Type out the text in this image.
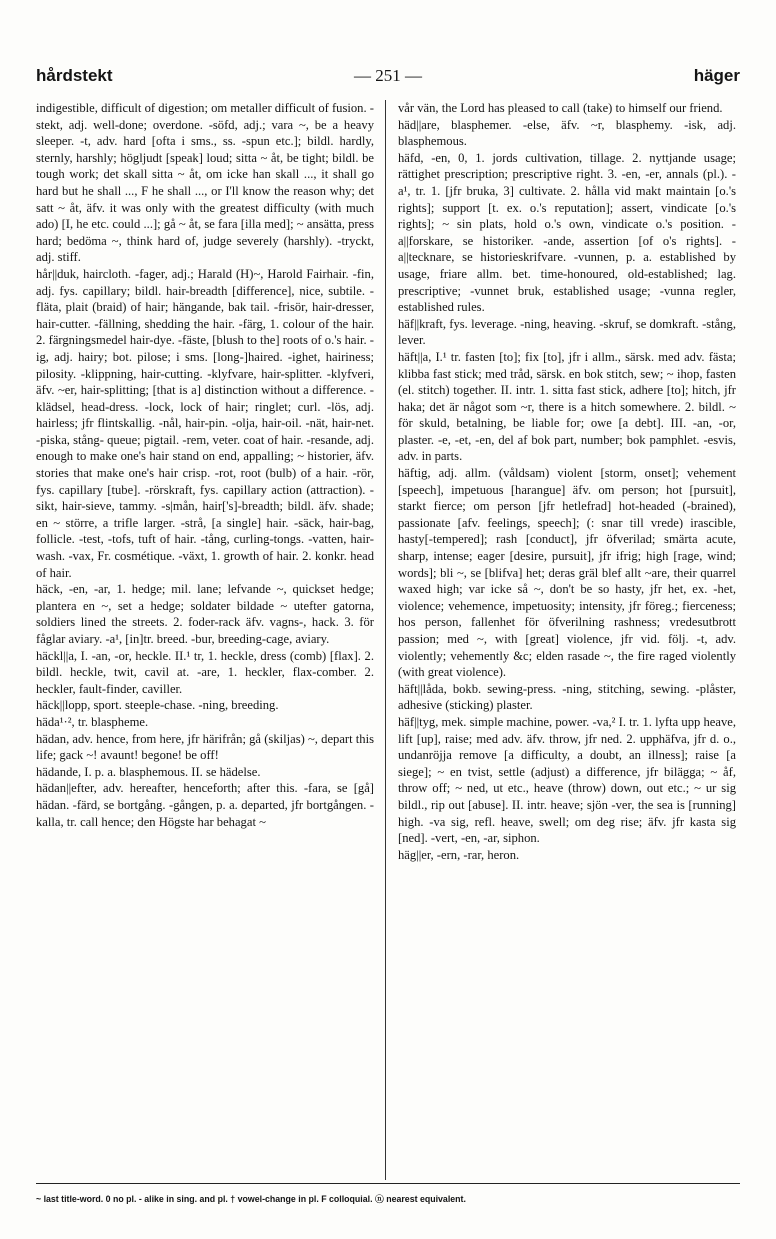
hårdstekt	— 251 —	häger

indigestible, difficult of digestion; om metaller difficult of fusion. -stekt, adj. well-done; overdone. -söfd, adj.; vara ~, be a heavy sleeper. -t, adv. hard [ofta i sms., ss. -spun etc.]; bildl. hardly, sternly, harshly; högljudt [speak] loud; sitta ~ åt, be tight; bildl. be tough work; det skall sitta ~ åt, om icke han skall ..., it shall go hard but he shall ..., F he shall ..., or I'll know the reason why; det satt ~ åt, äfv. it was only with the greatest difficulty (with much ado) [I, he etc. could ...]; gå ~ åt, se fara [illa med]; ~ ansätta, press hard; bedöma ~, think hard of, judge severely (harshly). -tryckt, adj. stiff.

hår||duk, haircloth. -fager, adj.; Harald (H)~, Harold Fairhair. -fin, adj. fys. capillary; bildl. hair-breadth [difference], nice, subtile. -fläta, plait (braid) of hair; hängande, bak tail. -frisör, hair-dresser, hair-cutter. -fällning, shedding the hair. -färg, 1. colour of the hair. 2. färgningsmedel hair-dye. -fäste, [blush to the] roots of o.'s hair. -ig, adj. hairy; bot. pilose; i sms. [long-]haired. -ighet, hairiness; pilosity. -klippning, hair-cutting. -klyfvare, hair-splitter. -klyfveri, äfv. ~er, hair-splitting; [that is a] distinction without a difference. -klädsel, head-dress. -lock, lock of hair; ringlet; curl. -lös, adj. hairless; jfr flintskallig. -nål, hair-pin. -olja, hair-oil. -nät, hair-net. -piska, stång- queue; pigtail. -rem, veter. coat of hair. -resande, adj. enough to make one's hair stand on end, appalling; ~ historier, äfv. stories that make one's hair crisp. -rot, root (bulb) of a hair. -rör, fys. capillary [tube]. -rörskraft, fys. capillary action (attraction). -sikt, hair-sieve, tammy. -s|mån, hair['s]-breadth; bildl. äfv. shade; en ~ större, a trifle larger. -strå, [a single] hair. -säck, hair-bag, follicle. -test, -tofs, tuft of hair. -tång, curling-tongs. -vatten, hair-wash. -vax, Fr. cosmétique. -växt, 1. growth of hair. 2. konkr. head of hair.

häck, -en, -ar, 1. hedge; mil. lane; lefvande ~, quickset hedge; plantera en ~, set a hedge; soldater bildade ~ utefter gatorna, soldiers lined the streets. 2. foder-rack äfv. vagns-, hack. 3. för fåglar aviary. -a¹, [in]tr. breed. -bur, breeding-cage, aviary.

häckl||a, I. -an, -or, heckle. II.¹ tr, 1. heckle, dress (comb) [flax]. 2. bildl. heckle, twit, cavil at. -are, 1. heckler, flax-comber. 2. heckler, fault-finder, caviller.

häck||lopp, sport. steeple-chase. -ning, breeding.

häda¹·², tr. blaspheme.

hädan, adv. hence, from here, jfr härifrån; gå (skiljas) ~, depart this life; gack ~! avaunt! begone! be off!

hädande, I. p. a. blasphemous. II. se hädelse.

hädan||efter, adv. hereafter, henceforth; after this. -fara, se [gå] hädan. -färd, se bortgång. -gången, p. a. departed, jfr bortgången. -kalla, tr. call hence; den Högste har behagat ~

vår vän, the Lord has pleased to call (take) to himself our friend.

häd||are, blasphemer. -else, äfv. ~r, blasphemy. -isk, adj. blasphemous.

häfd, -en, 0, 1. jords cultivation, tillage. 2. nyttjande usage; rättighet prescription; prescriptive right. 3. -en, -er, annals (pl.). -a¹, tr. 1. [jfr bruka, 3] cultivate. 2. hålla vid makt maintain [o.'s rights]; support [t. ex. o.'s reputation]; assert, vindicate [o.'s rights]; ~ sin plats, hold o.'s own, vindicate o.'s position. -a||forskare, se historiker. -ande, assertion [of o's rights]. -a||tecknare, se historieskrifvare. -vunnen, p. a. established by usage, friare allm. bet. time-honoured, old-established; lag. prescriptive; -vunnet bruk, established usage; -vunna regler, established rules.

häf||kraft, fys. leverage. -ning, heaving. -skruf, se domkraft. -stång, lever.

häft||a, I.¹ tr. fasten [to]; fix [to], jfr i allm., särsk. med adv. fästa; klibba fast stick; med tråd, särsk. en bok stitch, sew; ~ ihop, fasten (el. stitch) together. II. intr. 1. sitta fast stick, adhere [to]; hitch, jfr haka; det är något som ~r, there is a hitch somewhere. 2. bildl. ~ för skuld, betalning, be liable for; owe [a debt]. III. -an, -or, plaster. -e, -et, -en, del af bok part, number; bok pamphlet. -esvis, adv. in parts.

häftig, adj. allm. (våldsam) violent [storm, onset]; vehement [speech], impetuous [harangue] äfv. om person; hot [pursuit], starkt fierce; om person [jfr hetlefrad] hot-headed (-brained), passionate [afv. feelings, speech]; (: snar till vrede) irascible, hasty[-tempered]; rash [conduct], jfr öfverilad; smärta acute, sharp, intense; eager [desire, pursuit], jfr ifrig; high [rage, wind; words]; bli ~, se [blifva] het; deras gräl blef allt ~are, their quarrel waxed high; var icke så ~, don't be so hasty, jfr het, ex. -het, violence; vehemence, impetuosity; intensity, jfr föreg.; fierceness; hos person, fallenhet för öfverilning rashness; vredesutbrott passion; med ~, with [great] violence, jfr vid. följ. -t, adv. violently; vehemently &c; elden rasade ~, the fire raged violently (with great violence).

häft||låda, bokb. sewing-press. -ning, stitching, sewing. -plåster, adhesive (sticking) plaster.

häf||tyg, mek. simple machine, power. -va,² I. tr. 1. lyfta upp heave, lift [up], raise; med adv. äfv. throw, jfr ned. 2. upphäfva, jfr d. o., undanröjja remove [a difficulty, a doubt, an illness]; raise [a siege]; ~ en tvist, settle (adjust) a difference, jfr bilägga; ~ åf, throw off; ~ ned, ut etc., heave (throw) down, out etc.; ~ ur sig bildl., rip out [abuse]. II. intr. heave; sjön -ver, the sea is [running] high. -va sig, refl. heave, swell; om deg rise; äfv. jfr kasta sig [ned]. -vert, -en, -ar, siphon.

häg||er, -ern, -rar, heron.

~ last title-word. 0 no pl. - alike in sing. and pl. † vowel-change in pl. F colloquial. ⓝ nearest equivalent.
